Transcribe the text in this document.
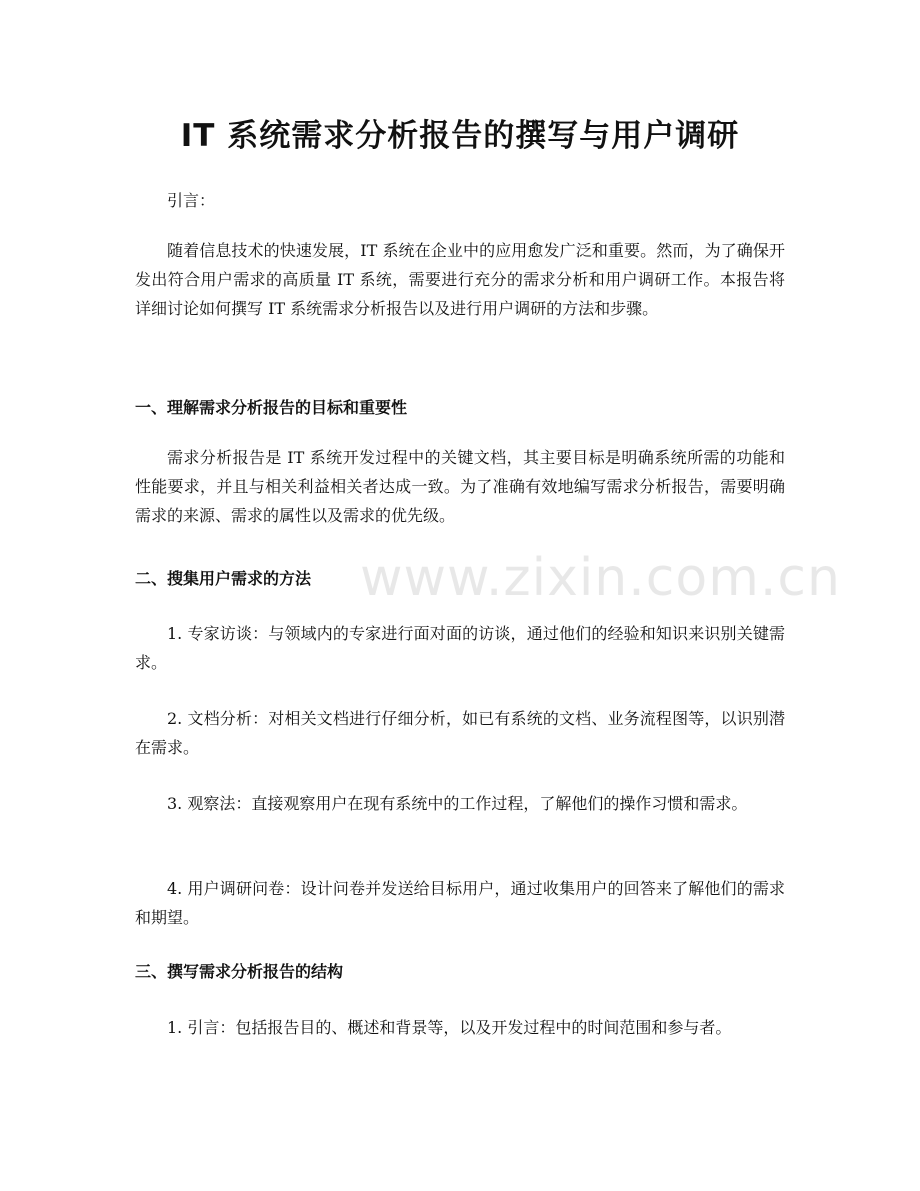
IT 系统需求分析报告的撰写与用户调研

引言：

随着信息技术的快速发展，IT 系统在企业中的应用愈发广泛和重要。然而，为了确保开发出符合用户需求的高质量 IT 系统，需要进行充分的需求分析和用户调研工作。本报告将详细讨论如何撰写 IT 系统需求分析报告以及进行用户调研的方法和步骤。

一、理解需求分析报告的目标和重要性

需求分析报告是 IT 系统开发过程中的关键文档，其主要目标是明确系统所需的功能和性能要求，并且与相关利益相关者达成一致。为了准确有效地编写需求分析报告，需要明确需求的来源、需求的属性以及需求的优先级。

二、搜集用户需求的方法

1. 专家访谈：与领域内的专家进行面对面的访谈，通过他们的经验和知识来识别关键需求。

2. 文档分析：对相关文档进行仔细分析，如已有系统的文档、业务流程图等，以识别潜在需求。

3. 观察法：直接观察用户在现有系统中的工作过程，了解他们的操作习惯和需求。

4. 用户调研问卷：设计问卷并发送给目标用户，通过收集用户的回答来了解他们的需求和期望。

三、撰写需求分析报告的结构

1. 引言：包括报告目的、概述和背景等，以及开发过程中的时间范围和参与者。

www.zixin.com.cn
